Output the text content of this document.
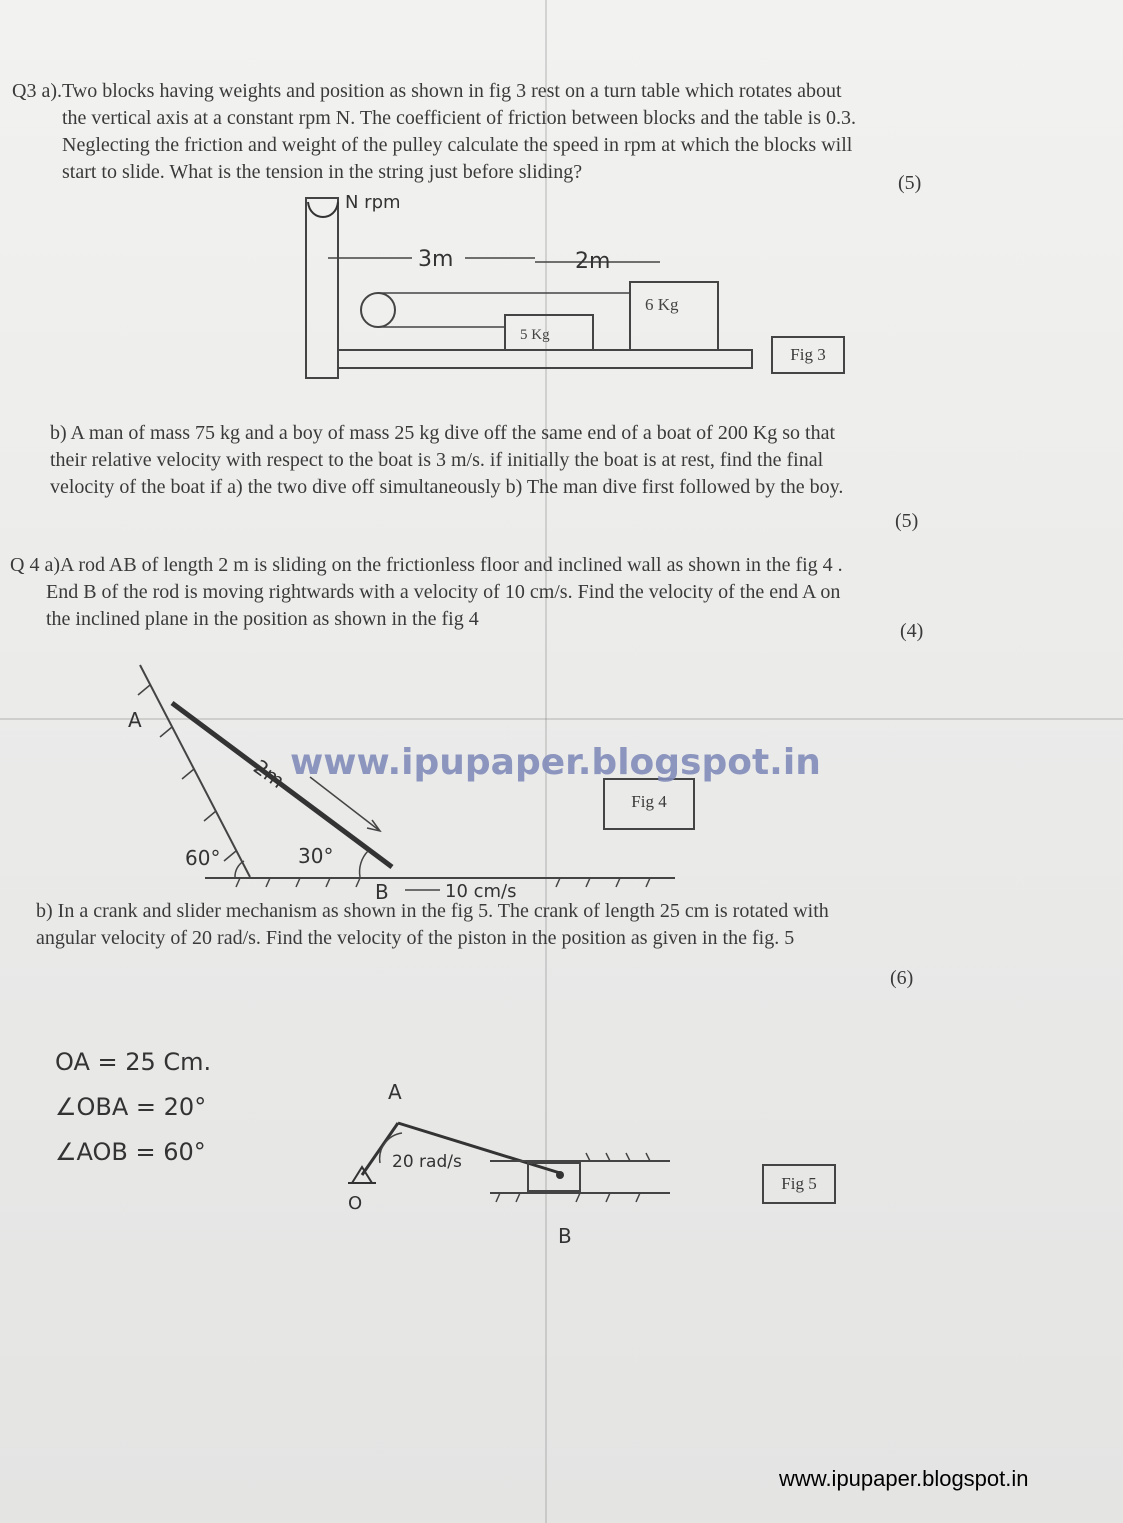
Q3 a).Two blocks having weights and position as shown in fig 3 rest on a turn table which rotates about
the vertical axis at a constant rpm N. The coefficient of friction between blocks and the table is 0.3.
Neglecting the friction and weight of the pulley calculate the speed in rpm at which the blocks will
start to slide. What is the tension in the string just before sliding?	(5)
N rpm
3m	2m
6 Kg
5 Kg
Fig 3
b) A man of mass 75 kg and a boy of mass 25 kg dive off the same end of a boat of 200 Kg so that
their relative velocity with respect to the boat is 3 m/s. if initially the boat is at rest, find the final
velocity of the boat if a) the two dive off simultaneously b) The man dive first followed by the boy.
(5)
Q 4 a)A rod AB of length 2 m is sliding on the frictionless floor and inclined wall as shown in the fig 4 .
End B of the rod is moving rightwards with a velocity of 10 cm/s. Find the velocity of the end A on
the inclined plane in the position as shown in the fig 4
(4)
A
2m
60°	30°
B	10 cm/s
Fig 4
www.ipupaper.blogspot.in
b) In a crank and slider mechanism as shown in the fig 5. The crank of length 25 cm is rotated with
angular velocity of 20 rad/s. Find the velocity of the piston in the position as given in the fig. 5
(6)
OA = 25 Cm.
∠OBA = 20°
∠AOB = 60°
A
20 rad/s
O
B
Fig 5
www.ipupaper.blogspot.in
